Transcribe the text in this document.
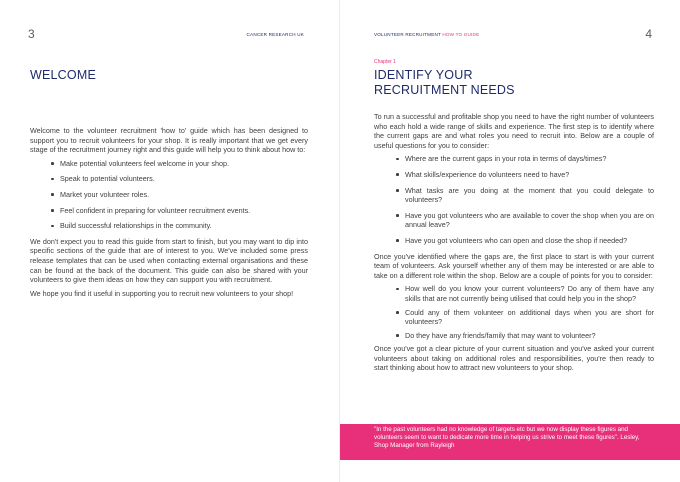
3	CANCER RESEARCH UK
WELCOME

Welcome to the volunteer recruitment 'how to' guide which has been designed to support you to recruit volunteers for your shop. It is really important that we get every stage of the recruitment journey right and this guide will help you to think about how to:

Make potential volunteers feel welcome in your shop.
Speak to potential volunteers.
Market your volunteer roles.
Feel confident in preparing for volunteer recruitment events.
Build successful relationships in the community.

We don't expect you to read this guide from start to finish, but you may want to dip into specific sections of the guide that are of interest to you. We've included some press release templates that can be used when contacting external organisations and these can be found at the back of the document. This guide can also be shared with your volunteers to give them ideas on how they can support you with recruitment.

We hope you find it useful in supporting you to recruit new volunteers to your shop!

4
VOLUNTEER RECRUITMENT HOW TO GUIDE
Chapter 1
IDENTIFY YOUR
RECRUITMENT NEEDS

To run a successful and profitable shop you need to have the right number of volunteers who each hold a wide range of skills and experience. The first step is to identify where the current gaps are and what roles you need to recruit into. Below are a couple of useful questions for you to consider:

Where are the current gaps in your rota in terms of days/times?
What skills/experience do volunteers need to have?
What tasks are you doing at the moment that you could delegate to volunteers?
Have you got volunteers who are available to cover the shop when you are on annual leave?
Have you got volunteers who can open and close the shop if needed?

Once you've identified where the gaps are, the first place to start is with your current team of volunteers. Ask yourself whether any of them may be interested or are able to take on a different role within the shop. Below are a couple of points for you to consider:

How well do you know your current volunteers? Do any of them have any skills that are not currently being utilised that could help you in the shop?
Could any of them volunteer on additional days when you are short for volunteers?
Do they have any friends/family that may want to volunteer?

Once you've got a clear picture of your current situation and you've asked your current volunteers about taking on additional roles and responsibilities, you're then ready to start thinking about how to attract new volunteers to your shop.

"In the past volunteers had no knowledge of targets etc but we now display these figures and volunteers seem to want to dedicate more time in helping us strive to meet these figures". Lesley, Shop Manager from Rayleigh
